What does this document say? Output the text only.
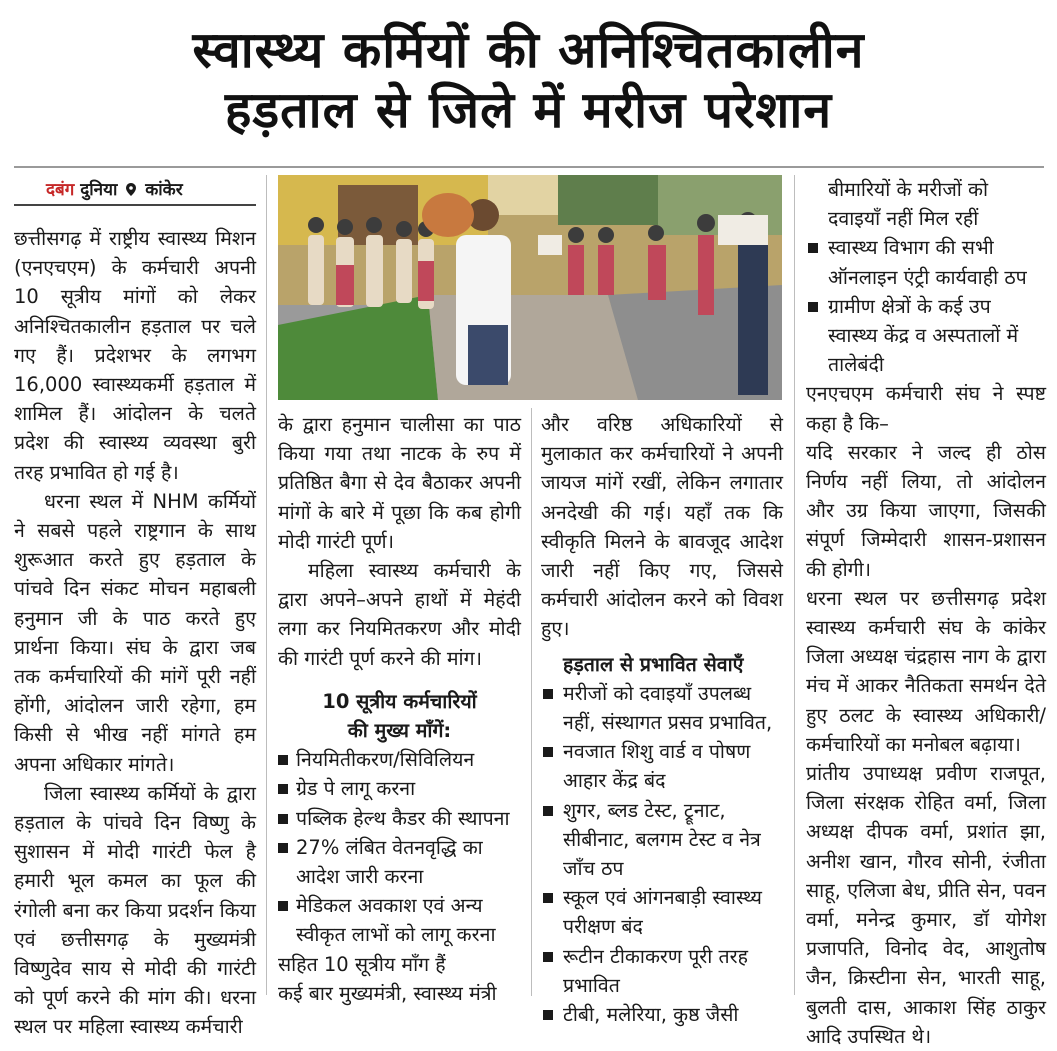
स्वास्थ्य कर्मियों की अनिश्चितकालीन
हड़ताल से जिले में मरीज परेशान
दबंग दुनिया कांकेर

छत्तीसगढ़ में राष्ट्रीय स्वास्थ्य मिशन (एनएचएम) के कर्मचारी अपनी 10 सूत्रीय मांगों को लेकर अनिश्चितकालीन हड़ताल पर चले गए हैं। प्रदेशभर के लगभग 16,000 स्वास्थ्यकर्मी हड़ताल में शामिल हैं। आंदोलन के चलते प्रदेश की स्वास्थ्य व्यवस्था बुरी तरह प्रभावित हो गई है।

धरना स्थल में NHM कर्मियों ने सबसे पहले राष्ट्रगान के साथ शुरूआत करते हुए हड़ताल के पांचवे दिन संकट मोचन महाबली हनुमान जी के पाठ करते हुए प्रार्थना किया। संघ के द्वारा जब तक कर्मचारियों की मांगें पूरी नहीं होंगी, आंदोलन जारी रहेगा, हम किसी से भीख नहीं मांगते हम अपना अधिकार मांगते।

जिला स्वास्थ्य कर्मियों के द्वारा हड़ताल के पांचवे दिन विष्णु के सुशासन में मोदी गारंटी फेल है हमारी भूल कमल का फूल की रंगोली बना कर किया प्रदर्शन किया एवं छत्तीसगढ़ के मुख्यमंत्री विष्णुदेव साय से मोदी की गारंटी को पूर्ण करने की मांग की। धरना स्थल पर महिला स्वास्थ्य कर्मचारी

के द्वारा हनुमान चालीसा का पाठ किया गया तथा नाटक के रुप में प्रतिष्ठित बैगा से देव बैठाकर अपनी मांगों के बारे में पूछा कि कब होगी मोदी गारंटी पूर्ण।

महिला स्वास्थ्य कर्मचारी के द्वारा अपने–अपने हाथों में मेहंदी लगा कर नियमितकरण और मोदी की गारंटी पूर्ण करने की मांग।

10 सूत्रीय कर्मचारियों

की मुख्य माँगें:

नियमितीकरण/सिविलियन

ग्रेड पे लागू करना

पब्लिक हेल्थ कैडर की स्थापना

27% लंबित वेतनवृद्धि का आदेश जारी करना

मेडिकल अवकाश एवं अन्य स्वीकृत लाभों को लागू करना

सहित 10 सूत्रीय माँग हैं

कई बार मुख्यमंत्री, स्वास्थ्य मंत्री

और वरिष्ठ अधिकारियों से मुलाकात कर कर्मचारियों ने अपनी जायज मांगें रखीं, लेकिन लगातार अनदेखी की गई। यहाँ तक कि स्वीकृति मिलने के बावजूद आदेश जारी नहीं किए गए, जिससे कर्मचारी आंदोलन करने को विवश हुए।

हड़ताल से प्रभावित सेवाएँ

मरीजों को दवाइयाँ उपलब्ध नहीं, संस्थागत प्रसव प्रभावित,

नवजात शिशु वार्ड व पोषण आहार केंद्र बंद

शुगर, ब्लड टेस्ट, ट्रूनाट, सीबीनाट, बलगम टेस्ट व नेत्र जाँच ठप

स्कूल एवं आंगनबाड़ी स्वास्थ्य परीक्षण बंद

रूटीन टीकाकरण पूरी तरह प्रभावित

टीबी, मलेरिया, कुष्ठ जैसी

बीमारियों के मरीजों को दवाइयाँ नहीं मिल रहीं

स्वास्थ्य विभाग की सभी ऑनलाइन एंट्री कार्यवाही ठप

ग्रामीण क्षेत्रों के कई उप स्वास्थ्य केंद्र व अस्पतालों में तालेबंदी

एनएचएम कर्मचारी संघ ने स्पष्ट कहा है कि–

यदि सरकार ने जल्द ही ठोस निर्णय नहीं लिया, तो आंदोलन और उग्र किया जाएगा, जिसकी संपूर्ण जिम्मेदारी शासन-प्रशासन की होगी।

धरना स्थल पर छत्तीसगढ़ प्रदेश स्वास्थ्य कर्मचारी संघ के कांकेर जिला अध्यक्ष चंद्रहास नाग के द्वारा मंच में आकर नैतिकता समर्थन देते हुए ठलट के स्वास्थ्य अधिकारी/कर्मचारियों का मनोबल बढ़ाया।

प्रांतीय उपाध्यक्ष प्रवीण राजपूत, जिला संरक्षक रोहित वर्मा, जिला अध्यक्ष दीपक वर्मा, प्रशांत झा, अनीश खान, गौरव सोनी, रंजीता साहू, एलिजा बेध, प्रीति सेन, पवन वर्मा, मनेन्द्र कुमार, डॉ योगेश प्रजापति, विनोद वेद, आशुतोष जैन, क्रिस्टीना सेन, भारती साहू, बुलती दास, आकाश सिंह ठाकुर आदि उपस्थित थे।
